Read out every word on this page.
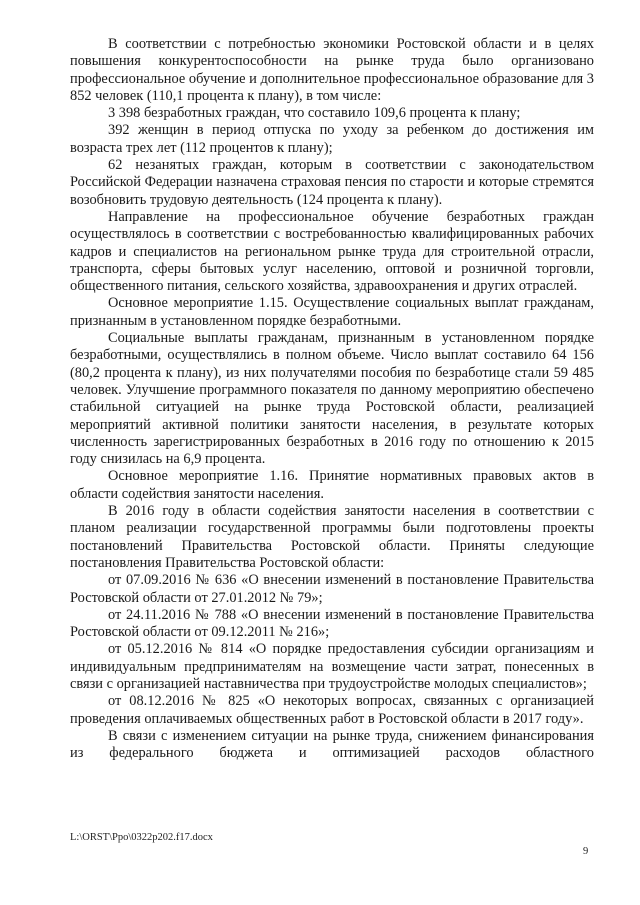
В соответствии с потребностью экономики Ростовской области и в целях повышения конкурентоспособности на рынке труда было организовано профессиональное обучение и дополнительное профессиональное образование для 3 852 человек (110,1 процента к плану), в том числе:

3 398 безработных граждан, что составило 109,6 процента к плану;

392 женщин в период отпуска по уходу за ребенком до достижения им возраста трех лет (112 процентов к плану);

62 незанятых граждан, которым в соответствии с законодательством Российской Федерации назначена страховая пенсия по старости и которые стремятся возобновить трудовую деятельность (124 процента к плану).

Направление на профессиональное обучение безработных граждан осуществлялось в соответствии с востребованностью квалифицированных рабочих кадров и специалистов на региональном рынке труда для строительной отрасли, транспорта, сферы бытовых услуг населению, оптовой и розничной торговли, общественного питания, сельского хозяйства, здравоохранения и других отраслей.

Основное мероприятие 1.15. Осуществление социальных выплат гражданам, признанным в установленном порядке безработными.

Социальные выплаты гражданам, признанным в установленном порядке безработными, осуществлялись в полном объеме. Число выплат составило 64 156 (80,2 процента к плану), из них получателями пособия по безработице стали 59 485 человек. Улучшение программного показателя по данному мероприятию обеспечено стабильной ситуацией на рынке труда Ростовской области, реализацией мероприятий активной политики занятости населения, в результате которых численность зарегистрированных безработных в 2016 году по отношению к 2015 году снизилась на 6,9 процента.

Основное мероприятие 1.16. Принятие нормативных правовых актов в области содействия занятости населения.

В 2016 году в области содействия занятости населения в соответствии с планом реализации государственной программы были подготовлены проекты постановлений Правительства Ростовской области. Приняты следующие постановления Правительства Ростовской области:

от 07.09.2016 № 636 «О внесении изменений в постановление Правительства Ростовской области от 27.01.2012 № 79»;

от 24.11.2016 № 788 «О внесении изменений в постановление Правительства Ростовской области от 09.12.2011 № 216»;

от 05.12.2016 № 814 «О порядке предоставления субсидии организациям и индивидуальным предпринимателям на возмещение части затрат, понесенных в связи с организацией наставничества при трудоустройстве молодых специалистов»;

от 08.12.2016 № 825 «О некоторых вопросах, связанных с организацией проведения оплачиваемых общественных работ в Ростовской области в 2017 году».

В связи с изменением ситуации на рынке труда, снижением финансирования из федерального бюджета и оптимизацией расходов областного

L:\ORST\Ppo\0322p202.f17.docx
9
